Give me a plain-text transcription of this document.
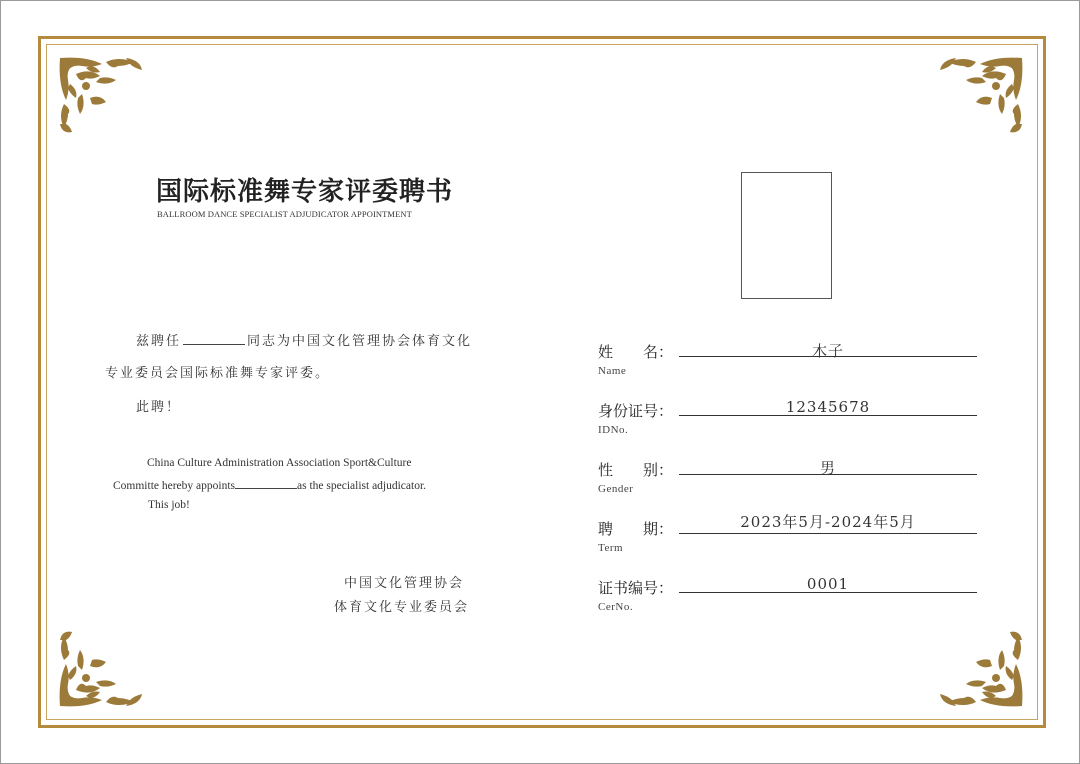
国际标准舞专家评委聘书
BALLROOM DANCE SPECIALIST ADJUDICATOR APPOINTMENT
兹聘任	同志为中国文化管理协会体育文化
专业委员会国际标准舞专家评委。
此聘！
China Culture Administration Association Sport&Culture
Committe hereby appoints	as the specialist adjudicator.
This job!
中国文化管理协会
体育文化专业委员会
姓　　名：	木子
Name
身份证号：	12345678
IDNo.
性　　别：	男
Gender
聘　　期：	2023年5月-2024年5月
Term
证书编号：	0001
CerNo.
